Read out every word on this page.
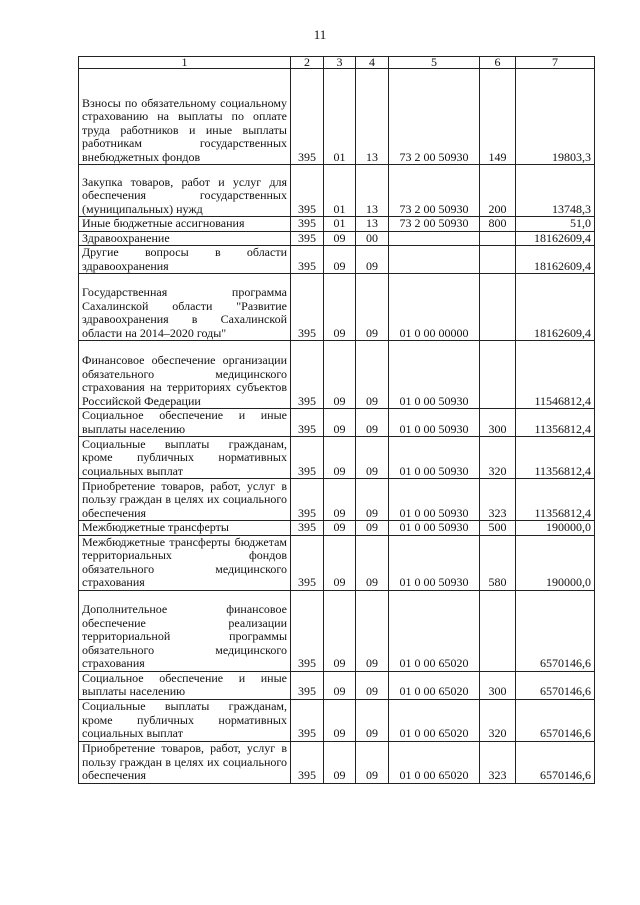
11
1	2	3	4	5	6	7
Взносы по обязательному социальному страхованию на выплаты по оплате труда работников и иные выплаты работникам государственных внебюджетных фондов	395	01	13	73 2 00 50930	149	19803,3
Закупка товаров, работ и услуг для обеспечения государственных (муниципальных) нужд	395	01	13	73 2 00 50930	200	13748,3
Иные бюджетные ассигнования	395	01	13	73 2 00 50930	800	51,0
Здравоохранение	395	09	00			18162609,4
Другие вопросы в области здравоохранения	395	09	09			18162609,4
Государственная программа Сахалинской области "Развитие здравоохранения в Сахалинской области на 2014–2020 годы"	395	09	09	01 0 00 00000		18162609,4
Финансовое обеспечение организации обязательного медицинского страхования на территориях субъектов Российской Федерации	395	09	09	01 0 00 50930		11546812,4
Социальное обеспечение и иные выплаты населению	395	09	09	01 0 00 50930	300	11356812,4
Социальные выплаты гражданам, кроме публичных нормативных социальных выплат	395	09	09	01 0 00 50930	320	11356812,4
Приобретение товаров, работ, услуг в пользу граждан в целях их социального обеспечения	395	09	09	01 0 00 50930	323	11356812,4
Межбюджетные трансферты	395	09	09	01 0 00 50930	500	190000,0
Межбюджетные трансферты бюджетам территориальных фондов обязательного медицинского страхования	395	09	09	01 0 00 50930	580	190000,0
Дополнительное финансовое обеспечение реализации территориальной программы обязательного медицинского страхования	395	09	09	01 0 00 65020		6570146,6
Социальное обеспечение и иные выплаты населению	395	09	09	01 0 00 65020	300	6570146,6
Социальные выплаты гражданам, кроме публичных нормативных социальных выплат	395	09	09	01 0 00 65020	320	6570146,6
Приобретение товаров, работ, услуг в пользу граждан в целях их социального обеспечения	395	09	09	01 0 00 65020	323	6570146,6
